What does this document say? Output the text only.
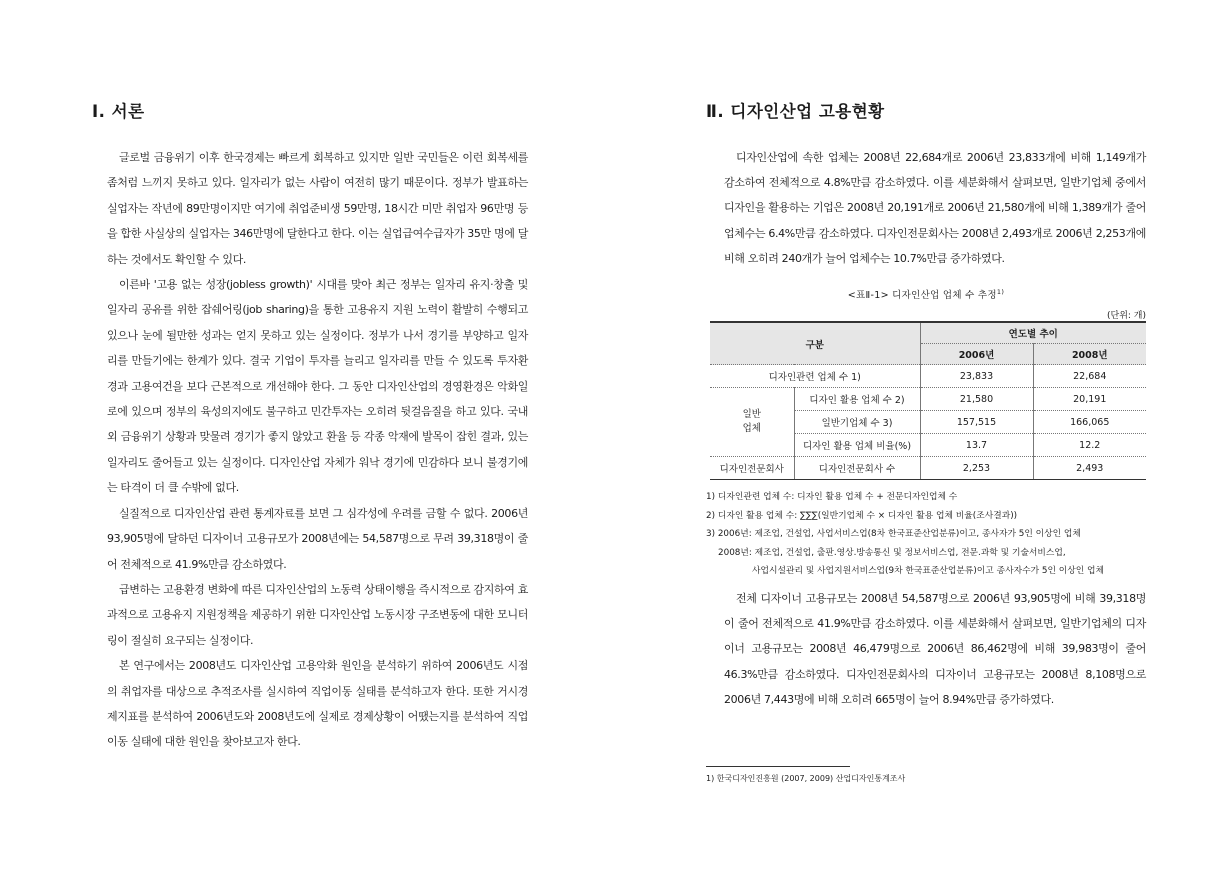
Ⅰ. 서론

글로벌 금융위기 이후 한국경제는 빠르게 회복하고 있지만 일반 국민들은 이런 회복세를 좀처럼 느끼지 못하고 있다. 일자리가 없는 사람이 여전히 많기 때문이다. 정부가 발표하는 실업자는 작년에 89만명이지만 여기에 취업준비생 59만명, 18시간 미만 취업자 96만명 등을 합한 사실상의 실업자는 346만명에 달한다고 한다. 이는 실업급여수급자가 35만 명에 달하는 것에서도 확인할 수 있다.

이른바 '고용 없는 성장(jobless growth)' 시대를 맞아 최근 정부는 일자리 유지·창출 및 일자리 공유를 위한 잡쉐어링(job sharing)을 통한 고용유지 지원 노력이 활발히 수행되고 있으나 눈에 될만한 성과는 얻지 못하고 있는 실정이다. 정부가 나서 경기를 부양하고 일자리를 만들기에는 한계가 있다. 결국 기업이 투자를 늘리고 일자리를 만들 수 있도록 투자환경과 고용여건을 보다 근본적으로 개선해야 한다. 그 동안 디자인산업의 경영환경은 악화일로에 있으며 정부의 육성의지에도 불구하고 민간투자는 오히려 뒷걸음질을 하고 있다. 국내외 금융위기 상황과 맞물려 경기가 좋지 않았고 환율 등 각종 악재에 발목이 잡힌 결과, 있는 일자리도 줄어들고 있는 실정이다. 디자인산업 자체가 워낙 경기에 민감하다 보니 불경기에는 타격이 더 클 수밖에 없다.

실질적으로 디자인산업 관련 통계자료를 보면 그 심각성에 우려를 금할 수 없다. 2006년 93,905명에 달하던 디자이너 고용규모가 2008년에는 54,587명으로 무려 39,318명이 줄어 전체적으로 41.9%만큼 감소하였다.

급변하는 고용환경 변화에 따른 디자인산업의 노동력 상태이행을 즉시적으로 감지하여 효과적으로 고용유지 지원정책을 제공하기 위한 디자인산업 노동시장 구조변동에 대한 모니터링이 절실히 요구되는 실정이다.

본 연구에서는 2008년도 디자인산업 고용악화 원인을 분석하기 위하여 2006년도 시점의 취업자를 대상으로 추적조사를 실시하여 직업이동 실태를 분석하고자 한다. 또한 거시경제지표를 분석하여 2006년도와 2008년도에 실제로 경제상황이 어땠는지를 분석하여 직업이동 실태에 대한 원인을 찾아보고자 한다.

Ⅱ. 디자인산업 고용현황

디자인산업에 속한 업체는 2008년 22,684개로 2006년 23,833개에 비해 1,149개가 감소하여 전체적으로 4.8%만큼 감소하였다. 이를 세분화해서 살펴보면, 일반기업체 중에서 디자인을 활용하는 기업은 2008년 20,191개로 2006년 21,580개에 비해 1,389개가 줄어 업체수는 6.4%만큼 감소하였다. 디자인전문회사는 2008년 2,493개로 2006년 2,253개에 비해 오히려 240개가 늘어 업체수는 10.7%만큼 증가하였다.

<표Ⅱ-1> 디자인산업 업체 수 추정$^{1)}$
(단위: 개)
구분		연도별 추이	
		2006년	2008년
디자인관련 업체 수 1)		23,833	22,684
일반
업체	디자인 활용 업체 수 2)	21,580	20,191
	일반기업체 수 3)	157,515	166,065
	디자인 활용 업체 비율(%)	13.7	12.2
디자인전문회사	디자인전문회사 수	2,253	2,493
1) 디자인관련 업체 수: 디자인 활용 업체 수 + 전문디자인업체 수
2) 디자인 활용 업체 수: ∑∑∑(일반기업체 수 × 디자인 활용 업체 비율(조사결과))
3) 2006년: 제조업, 건설업, 사업서비스업(8차 한국표준산업분류)이고, 종사자가 5인 이상인 업체
2008년: 제조업, 건설업, 출판.영상.방송통신 및 정보서비스업, 전문.과학 및 기술서비스업,
사업시설관리 및 사업지원서비스업(9차 한국표준산업분류)이고 종사자수가 5인 이상인 업체

전체 디자이너 고용규모는 2008년 54,587명으로 2006년 93,905명에 비해 39,318명이 줄어 전체적으로 41.9%만큼 감소하였다. 이를 세분화해서 살펴보면, 일반기업체의 디자이너 고용규모는 2008년 46,479명으로 2006년 86,462명에 비해 39,983명이 줄어 46.3%만큼 감소하였다. 디자인전문회사의 디자이너 고용규모는 2008년 8,108명으로 2006년 7,443명에 비해 오히려 665명이 늘어 8.94%만큼 증가하였다.

1) 한국디자인진흥원 (2007, 2009) 산업디자인통계조사
